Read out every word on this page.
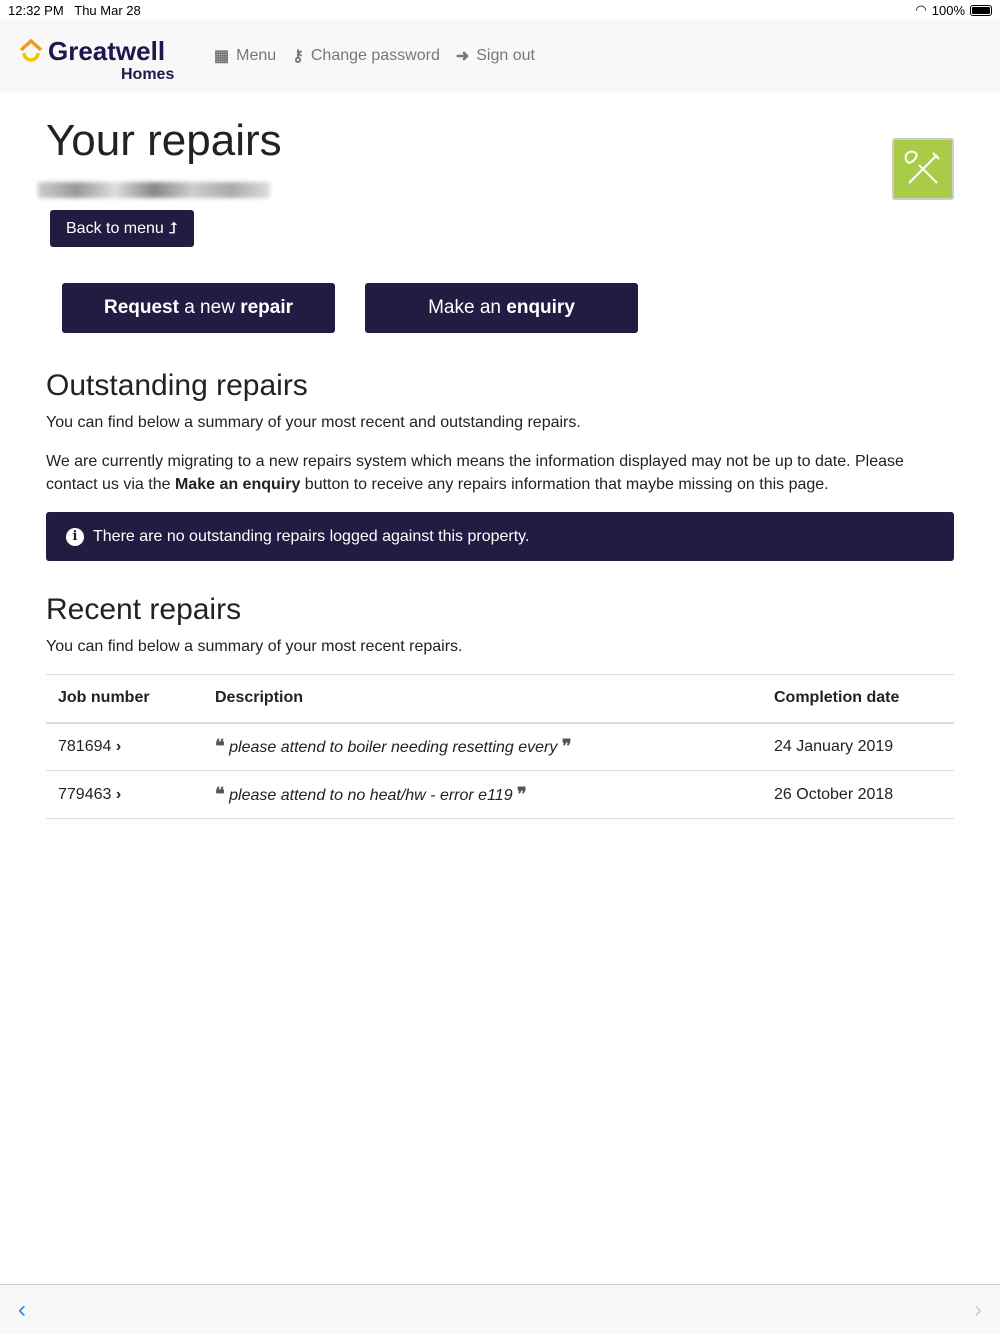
12:32 PM Thu Mar 28	◠ 100%
Greatwell
Homes
▦ Menu ⚷ Change password ➜ Sign out
Your repairs
Back to menu ⮥
Request a new repair	Make an enquiry
Outstanding repairs

You can find below a summary of your most recent and outstanding repairs.

We are currently migrating to a new repairs system which means the information displayed may not be up to date. Please contact us via the Make an enquiry button to receive any repairs information that maybe missing on this page.

i There are no outstanding repairs logged against this property.
Recent repairs

You can find below a summary of your most recent repairs.

Job number	Description	Completion date
781694 ›	❝ please attend to boiler needing resetting every ❞	24 January 2019
779463 ›	❝ please attend to no heat/hw - error e119 ❞	26 October 2018
‹	›
